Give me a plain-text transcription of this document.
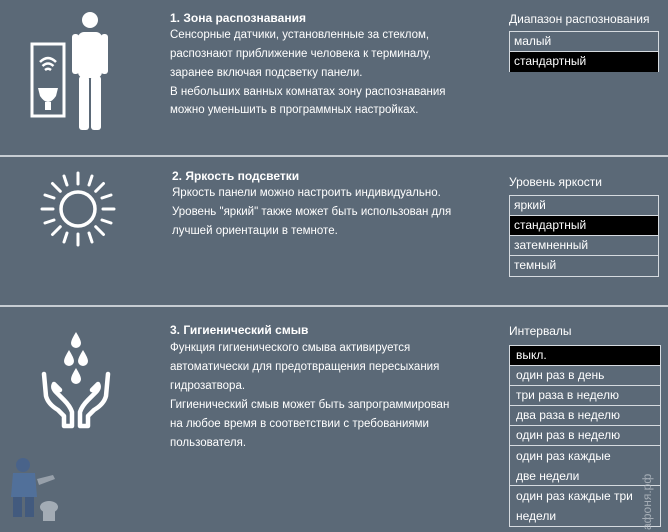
1. Зона распознавания
Сенсорные датчики, установленные за стеклом,
распознают приближение человека к терминалу,
заранее включая подсветку панели.
В небольших ванных комнатах зону распознавания
можно уменьшить в программных настройках.
Диапазон распознования
малый
стандартный
2. Яркость подсветки
Яркость панели можно настроить индивидуально.
Уровень "яркий" также может быть использован для
лучшей ориентации в темноте.
Уровень яркости
яркий
стандартный
затемненный
темный
3. Гигиенический смыв
Функция гигиенического смыва активируется
автоматически для предотвращения пересыхания
гидрозатвора.
Гигиенический смыв может быть запрограммирован
на любое время в соответствии с требованиями
пользователя.
Интервалы
выкл.
один раз в день
три раза в неделю
два раза в неделю
один раз в неделю
один раз каждые две недели
один раз каждые три недели	афоня.рф
